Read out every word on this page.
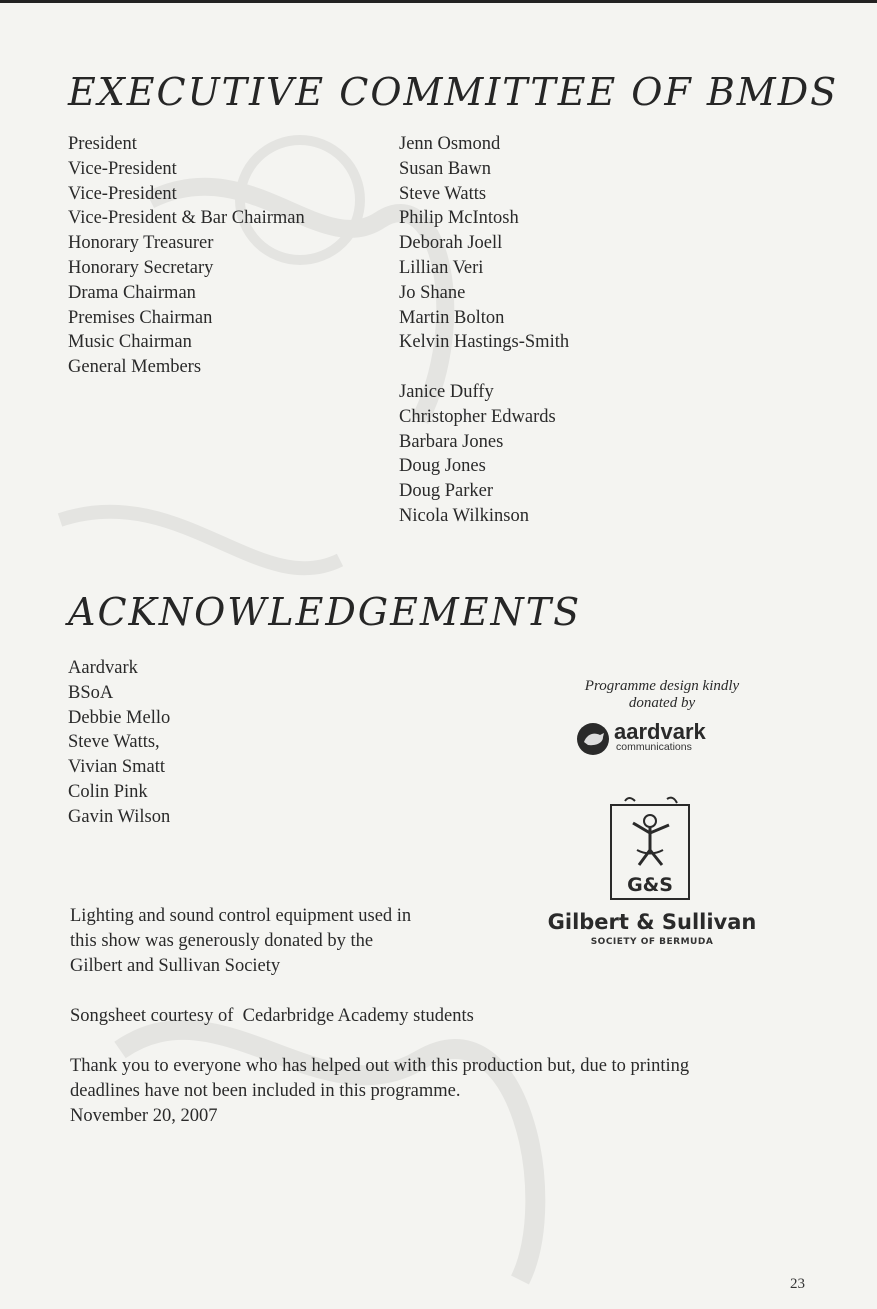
EXECUTIVE COMMITTEE OF BMDS
President
Vice-President
Vice-President
Vice-President & Bar Chairman
Honorary Treasurer
Honorary Secretary
Drama Chairman
Premises Chairman
Music Chairman
General Members
Jenn Osmond
Susan Bawn
Steve Watts
Philip McIntosh
Deborah Joell
Lillian Veri
Jo Shane
Martin Bolton
Kelvin Hastings-Smith
Janice Duffy
Christopher Edwards
Barbara Jones
Doug Jones
Doug Parker
Nicola Wilkinson
ACKNOWLEDGEMENTS
Aardvark
BSoA
Debbie Mello
Steve Watts,
Vivian Smatt
Colin Pink
Gavin Wilson
Lighting and sound control equipment used in
this show was generously donated by the
Gilbert and Sullivan Society
Songsheet courtesy of  Cedarbridge Academy students
Thank you to everyone who has helped out with this production but, due to printing
deadlines have not been included in this programme.
November 20, 2007
Programme design kindly
donated by
aardvark
communications
G&S
Gilbert & Sullivan
SOCIETY OF BERMUDA
23
